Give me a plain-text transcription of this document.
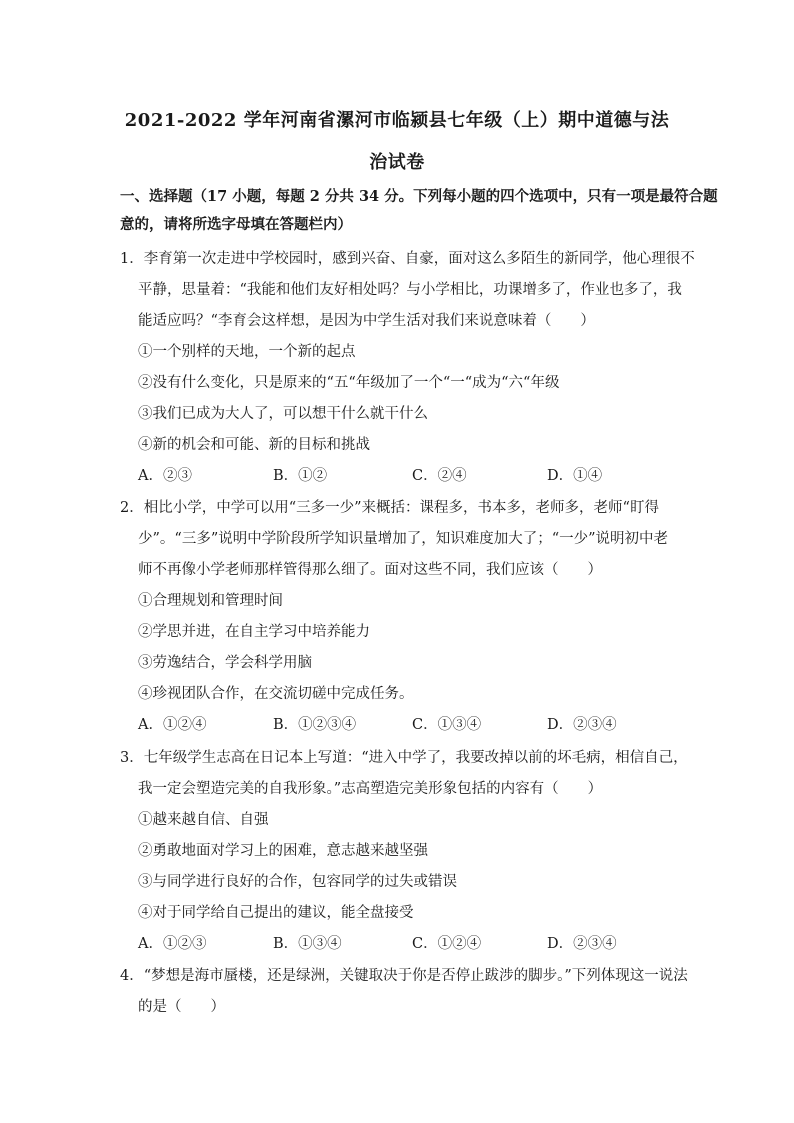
2021-2022 学年河南省漯河市临颍县七年级（上）期中道德与法
治试卷
一、选择题（17 小题，每题 2 分共 34 分。下列每小题的四个选项中，只有一项是最符合题
意的，请将所选字母填在答题栏内）
1．李育第一次走进中学校园时，感到兴奋、自豪，面对这么多陌生的新同学，他心理很不
平静，思量着：“我能和他们友好相处吗？与小学相比，功课增多了，作业也多了，我
能适应吗？“李育会这样想，是因为中学生活对我们来说意味着（　　）
①一个别样的天地，一个新的起点
②没有什么变化，只是原来的“五“年级加了一个“一“成为“六“年级
③我们已成为大人了，可以想干什么就干什么
④新的机会和可能、新的目标和挑战
A．②③	B．①②	C．②④	D．①④
2．相比小学，中学可以用“三多一少”来概括：课程多，书本多，老师多，老师“盯得
少”。“三多”说明中学阶段所学知识量增加了，知识难度加大了；“一少”说明初中老
师不再像小学老师那样管得那么细了。面对这些不同，我们应该（　　）
①合理规划和管理时间
②学思并进，在自主学习中培养能力
③劳逸结合，学会科学用脑
④珍视团队合作，在交流切磋中完成任务。
A．①②④	B．①②③④	C．①③④	D．②③④
3．七年级学生志高在日记本上写道：“进入中学了，我要改掉以前的坏毛病，相信自己，
我一定会塑造完美的自我形象。”志高塑造完美形象包括的内容有（　　）
①越来越自信、自强
②勇敢地面对学习上的困难，意志越来越坚强
③与同学进行良好的合作，包容同学的过失或错误
④对于同学给自己提出的建议，能全盘接受
A．①②③	B．①③④	C．①②④	D．②③④
4．“梦想是海市蜃楼，还是绿洲，关键取决于你是否停止跋涉的脚步。”下列体现这一说法
的是（　　）
